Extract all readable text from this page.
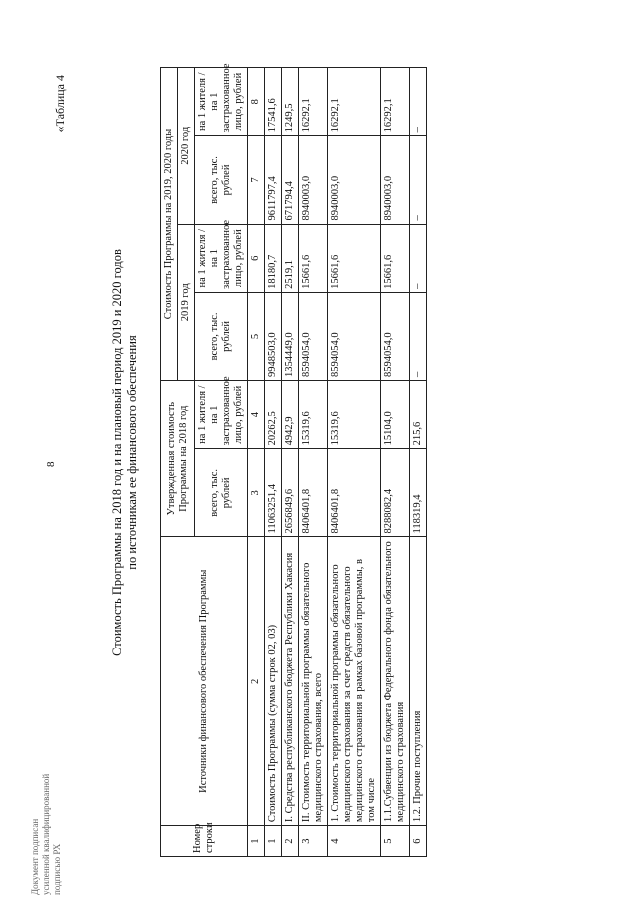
8
«Таблица 4
Стоимость Программы на 2018 год и на плановый период 2019 и 2020 годов по источникам ее финансового обеспечения
Номер строки	Источники финансового обеспечения Программы	Утвержденная стоимость Программы на 2018 год		Стоимость Программы на 2019, 2020 годы			
				2019 год		2020 год	
		всего, тыс. рублей	на 1 жителя / на 1 застрахованное лицо, рублей	всего, тыс. рублей	на 1 жителя / на 1 застрахованное лицо, рублей	всего, тыс. рублей	на 1 жителя / на 1 застрахованное лицо, рублей
1	2	3	4	5	6	7	8
1	Стоимость Программы (сумма строк 02, 03)	11063251,4	20262,5	9948503,0	18180,7	9611797,4	17541,6
2	I. Средства республиканского бюджета Республики Хакасия	2656849,6	4942,9	1354449,0	2519,1	671794,4	1249,5
3	II. Стоимость территориальной программы обязательного медицинского страхования, всего	8406401,8	15319,6	8594054,0	15661,6	8940003,0	16292,1
4	1. Стоимость территориальной программы обязательного медицинского страхования за счет средств обязательного медицинского страхования в рамках базовой программы, в том числе	8406401,8	15319,6	8594054,0	15661,6	8940003,0	16292,1
5	1.1.Субвенции из бюджета Федерального фонда обязательного медицинского страхования	8288082,4	15104,0	8594054,0	15661,6	8940003,0	16292,1
6	1.2. Прочие поступления	118319,4	215,6	–	–	–	–
Документ подписан усиленной квалифицированной подписью РХ
